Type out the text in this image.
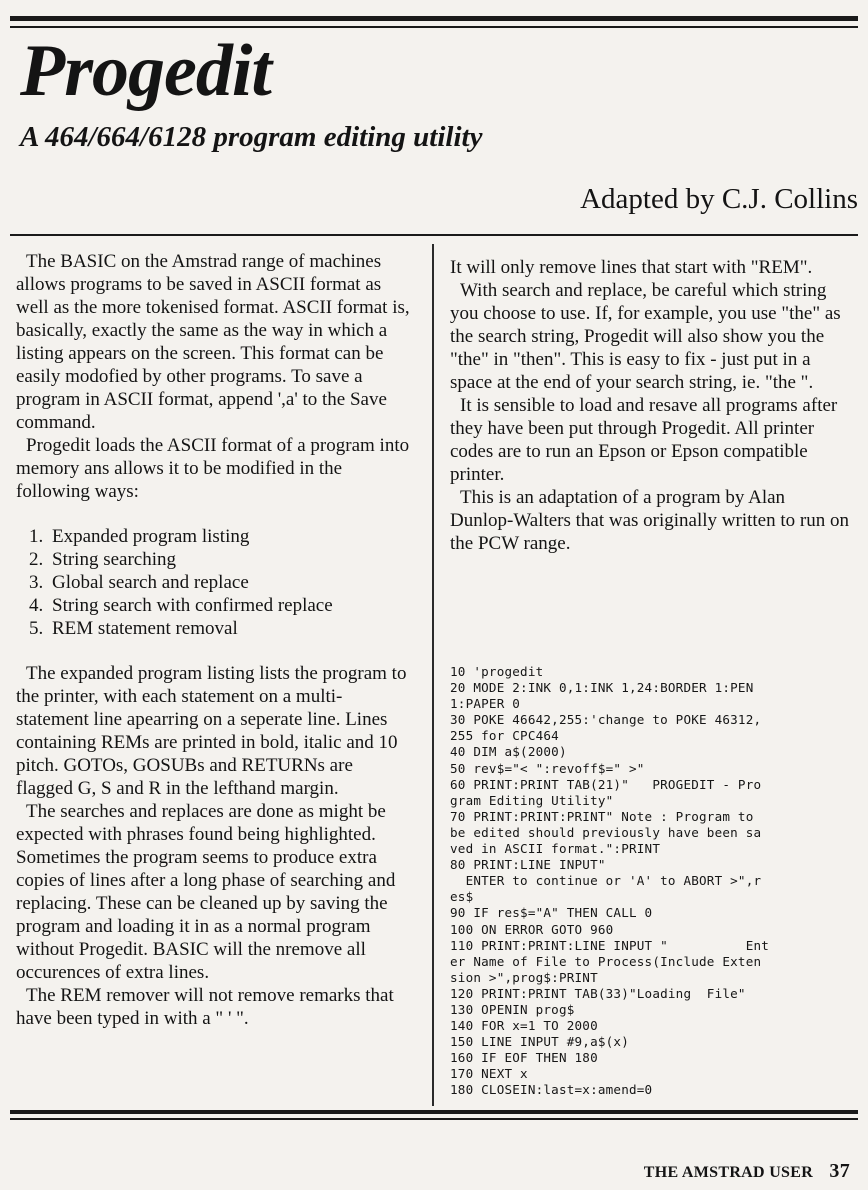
Progedit
A 464/664/6128 program editing utility
Adapted by C.J. Collins

The BASIC on the Amstrad range of machines allows programs to be saved in ASCII format as well as the more tokenised format. ASCII format is, basically, exactly the same as the way in which a listing appears on the screen. This format can be easily modofied by other programs. To save a program in ASCII format, append ',a' to the Save command.

Progedit loads the ASCII format of a program into memory ans allows it to be modified in the following ways:

1. Expanded program listing
2. String searching
3. Global search and replace
4. String search with confirmed replace
5. REM statement removal

The expanded program listing lists the program to the printer, with each statement on a multi-statement line apearring on a seperate line. Lines containing REMs are printed in bold, italic and 10 pitch. GOTOs, GOSUBs and RETURNs are flagged G, S and R in the lefthand margin.

The searches and replaces are done as might be expected with phrases found being highlighted. Sometimes the program seems to produce extra copies of lines after a long phase of searching and replacing. These can be cleaned up by saving the program and loading it in as a normal program without Progedit. BASIC will the nremove all occurences of extra lines.

The REM remover will not remove remarks that have been typed in with a " ' ".

It will only remove lines that start with "REM".

With search and replace, be careful which string you choose to use. If, for example, you use "the" as the search string, Progedit will also show you the "the" in "then". This is easy to fix - just put in a space at the end of your search string, ie. "the ".

It is sensible to load and resave all programs after they have been put through Progedit. All printer codes are to run an Epson or Epson compatible printer.

This is an adaptation of a program by Alan Dunlop-Walters that was originally written to run on the PCW range.

10 'progedit
20 MODE 2:INK 0,1:INK 1,24:BORDER 1:PEN
1:PAPER 0
30 POKE 46642,255:'change to POKE 46312,
255 for CPC464
40 DIM a$(2000)
50 rev$="< ":revoff$=" >"
60 PRINT:PRINT TAB(21)"   PROGEDIT - Pro
gram Editing Utility"
70 PRINT:PRINT:PRINT" Note : Program to
be edited should previously have been sa
ved in ASCII format.":PRINT
80 PRINT:LINE INPUT"
ENTER to continue or 'A' to ABORT >",r
es$
90 IF res$="A" THEN CALL 0
100 ON ERROR GOTO 960
110 PRINT:PRINT:LINE INPUT "          Ent
er Name of File to Process(Include Exten
sion >",prog$:PRINT
120 PRINT:PRINT TAB(33)"Loading  File"
130 OPENIN prog$
140 FOR x=1 TO 2000
150 LINE INPUT #9,a$(x)
160 IF EOF THEN 180
170 NEXT x
180 CLOSEIN:last=x:amend=0
THE AMSTRAD USER 37
